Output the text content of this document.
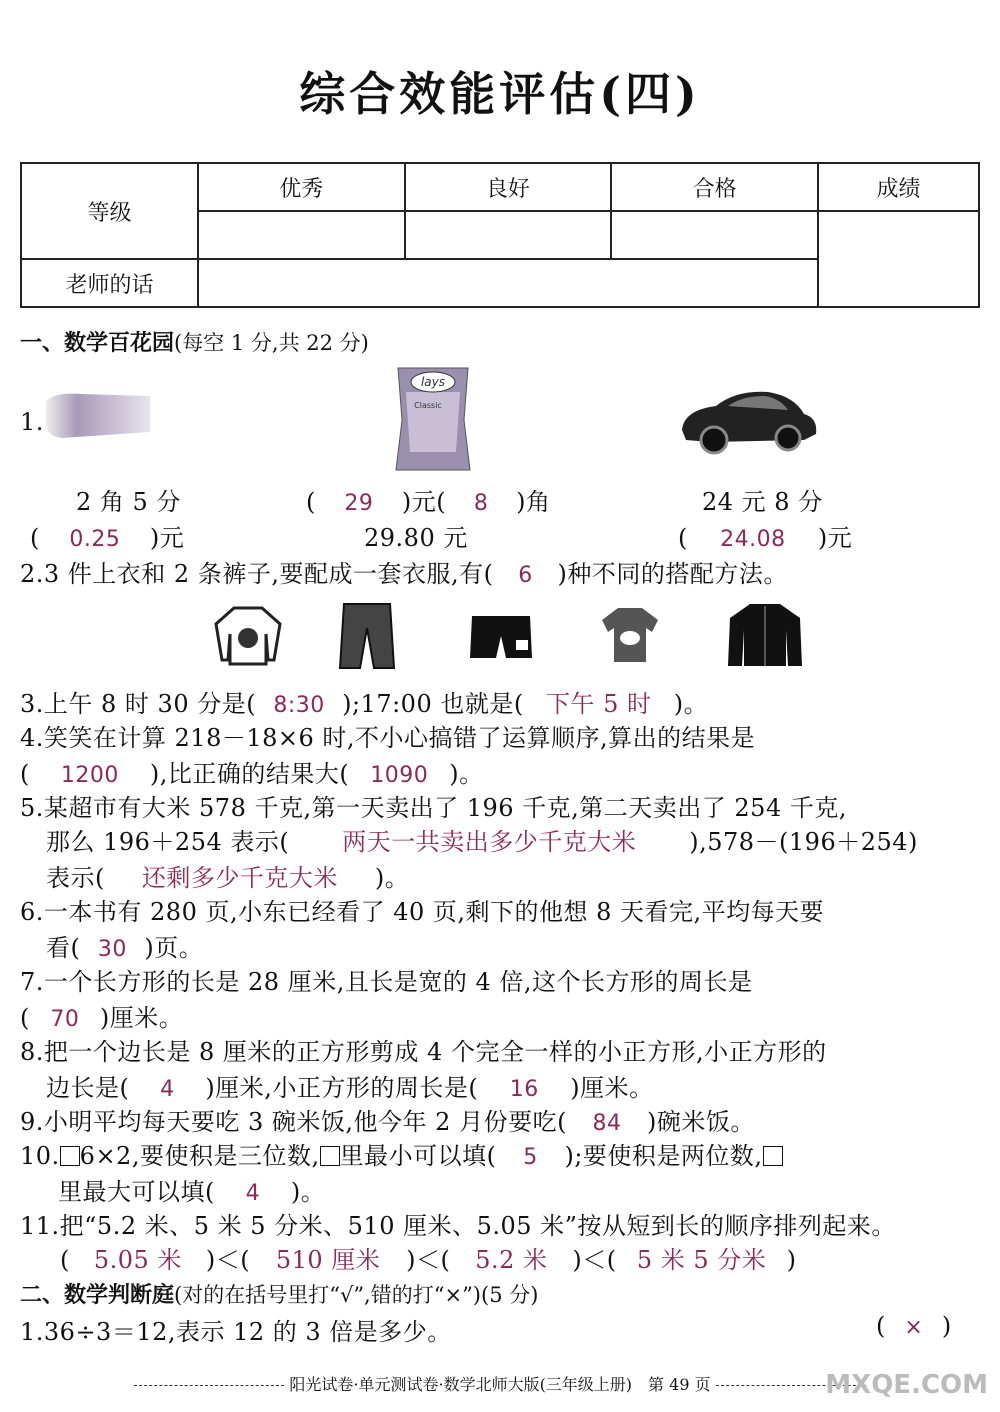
综合效能评估(四)
等级	优秀	良好	合格	成绩

老师的话				
一、数学百花园(每空 1 分,共 22 分)
1.
lays
Classic
2 角 5 分	( 29 )元( 8 )角	24 元 8 分
( 0.25 )元	29.80 元	( 24.08 )元
2.3 件上衣和 2 条裤子,要配成一套衣服,有( 6 )种不同的搭配方法。
3.上午 8 时 30 分是( 8:30 );17:00 也就是( 下午 5 时 )。
4.笑笑在计算 218－18×6 时,不小心搞错了运算顺序,算出的结果是
( 1200 ),比正确的结果大( 1090 )。
5.某超市有大米 578 千克,第一天卖出了 196 千克,第二天卖出了 254 千克,
那么 196＋254 表示( 两天一共卖出多少千克大米 ),578－(196＋254)
表示( 还剩多少千克大米 )。
6.一本书有 280 页,小东已经看了 40 页,剩下的他想 8 天看完,平均每天要
看( 30 )页。
7.一个长方形的长是 28 厘米,且长是宽的 4 倍,这个长方形的周长是
( 70 )厘米。
8.把一个边长是 8 厘米的正方形剪成 4 个完全一样的小正方形,小正方形的
边长是( 4 )厘米,小正方形的周长是( 16 )厘米。
9.小明平均每天要吃 3 碗米饭,他今年 2 月份要吃( 84 )碗米饭。
10. 6×2,要使积是三位数, 里最小可以填( 5 );要使积是两位数,
里最大可以填( 4 )。
11.把“5.2 米、5 米 5 分米、510 厘米、5.05 米”按从短到长的顺序排列起来。
( 5.05 米 )＜( 510 厘米 )＜( 5.2 米 )＜( 5 米 5 分米 )
二、数学判断庭(对的在括号里打“√”,错的打“×”)(5 分)
1.36÷3＝12,表示 12 的 3 倍是多少。	( × )
阳光试卷·单元测试卷·数学北师大版(三年级上册)　第 49 页	MXQE.COM
